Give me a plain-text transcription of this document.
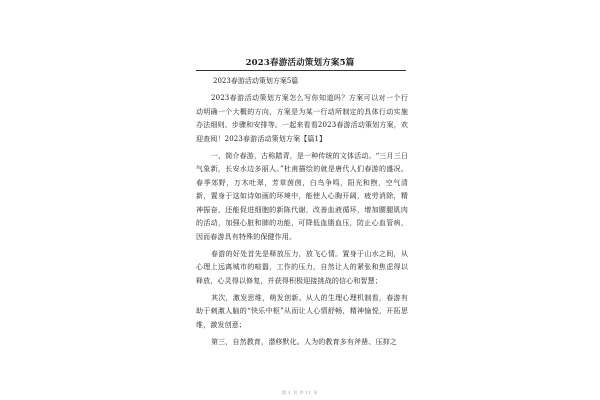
2023春游活动策划方案5篇
2023春游活动策划方案5篇

2023春游活动策划方案怎么写你知道吗？方案可以对一个行动明确一个大概的方向，方案是为某一行动所制定的具体行动实施办法细则、步骤和安排等。一起来看看2023春游活动策划方案，欢迎查阅！2023春游活动策划方案【篇1】

一、简介春游，古称踏青，是一种传统的文体活动。“三月三日气象新，长安水边多丽人。”杜甫描绘的就是唐代人们春游的盛况。春季郊野，万木吐翠，芳草茵茵，白鸟争鸣，阳光和煦，空气清新，置身于这如诗如画的环境中，能使人心胸开阔，疲劳消除，精神振奋，还能促进细胞的新陈代谢，改善血液循环，增加腰腿肌肉的活动，加强心脏和肺的功能，可降低血脂血压，防止心血管病，因而春游具有特殊的保健作用。

春游的好处首先是释放压力，放飞心情。置身于山水之间，从心理上远离城市的喧嚣，工作的压力，自然让人的紧张和焦虑得以释放，心灵得以修复，并获得积极迎接挑战的信心和智慧；

其次，激发思维，萌发创新。从人的生理心理机制看，春游有助于刺激人脑的“快乐中枢”从而让人心情舒畅，精神愉悦，开拓思维，激发创意；

第三，自然教育，潜移默化。人为的教育多有斧凿、压抑之

第 1 页 共 11 页
